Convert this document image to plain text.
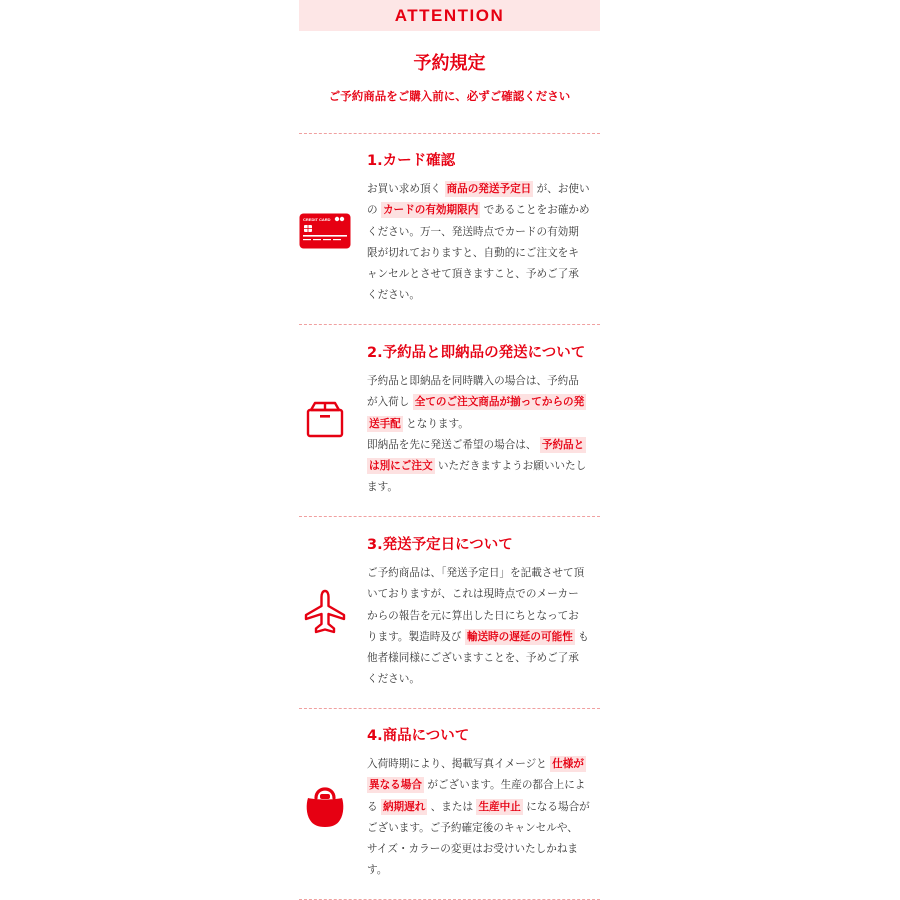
ATTENTION
予約規定
ご予約商品をご購入前に、必ずご確認ください
CREDIT CARD
1.カード確認
お買い求め頂く 商品の発送予定日 が、お使い
の カードの有効期限内 であることをお確かめ
ください。万一、発送時点でカードの有効期
限が切れておりますと、自動的にご注文をキ
ャンセルとさせて頂きますこと、予めご了承
ください。
2.予約品と即納品の発送について
予約品と即納品を同時購入の場合は、予約品
が入荷し 全てのご注文商品が揃ってからの発
送手配 となります。
即納品を先に発送ご希望の場合は、 予約品と
は別にご注文 いただきますようお願いいたし
ます。
3.発送予定日について
ご予約商品は、「発送予定日」を記載させて頂
いておりますが、これは現時点でのメーカー
からの報告を元に算出した日にちとなってお
ります。製造時及び 輸送時の遅延の可能性 も
他者様同様にございますことを、予めご了承
ください。
4.商品について
入荷時期により、掲載写真イメージと 仕様が
異なる場合 がございます。生産の都合上によ
る 納期遅れ 、または 生産中止 になる場合が
ございます。ご予約確定後のキャンセルや、
サイズ・カラーの変更はお受けいたしかねま
す。
